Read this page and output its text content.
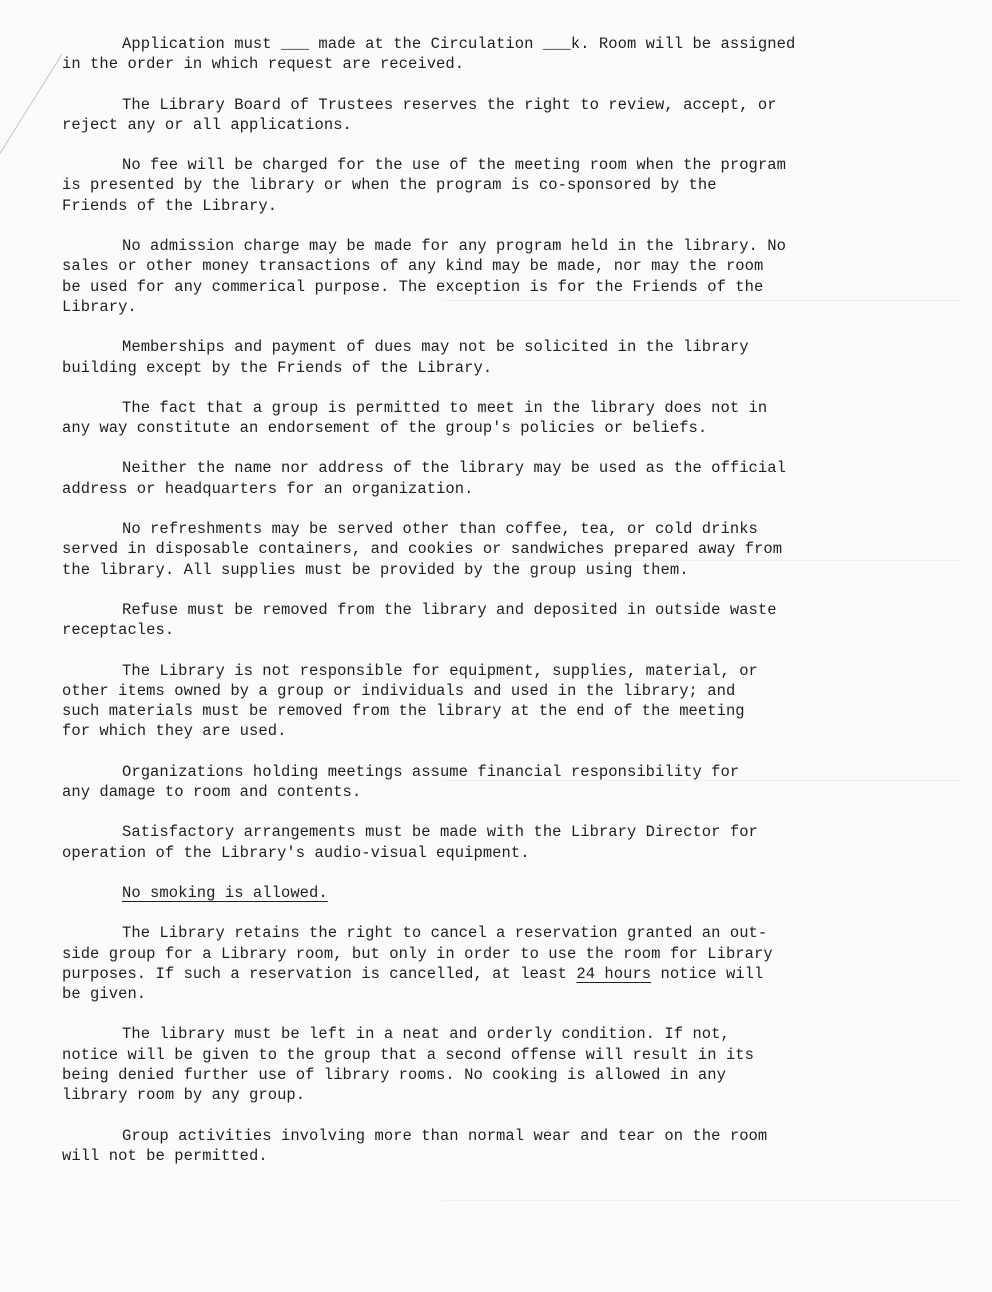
Application must ___ made at the Circulation ___k. Room will be assigned
in the order in which request are received.

The Library Board of Trustees reserves the right to review, accept, or
reject any or all applications.

No fee will be charged for the use of the meeting room when the program
is presented by the library or when the program is co-sponsored by the
Friends of the Library.

No admission charge may be made for any program held in the library. No
sales or other money transactions of any kind may be made, nor may the room
be used for any commerical purpose. The exception is for the Friends of the
Library.

Memberships and payment of dues may not be solicited in the library
building except by the Friends of the Library.

The fact that a group is permitted to meet in the library does not in
any way constitute an endorsement of the group's policies or beliefs.

Neither the name nor address of the library may be used as the official
address or headquarters for an organization.

No refreshments may be served other than coffee, tea, or cold drinks
served in disposable containers, and cookies or sandwiches prepared away from
the library. All supplies must be provided by the group using them.

Refuse must be removed from the library and deposited in outside waste
receptacles.

The Library is not responsible for equipment, supplies, material, or
other items owned by a group or individuals and used in the library; and
such materials must be removed from the library at the end of the meeting
for which they are used.

Organizations holding meetings assume financial responsibility for
any damage to room and contents.

Satisfactory arrangements must be made with the Library Director for
operation of the Library's audio-visual equipment.

No smoking is allowed.

The Library retains the right to cancel a reservation granted an out-
side group for a Library room, but only in order to use the room for Library
purposes. If such a reservation is cancelled, at least 24 hours notice will
be given.

The library must be left in a neat and orderly condition. If not,
notice will be given to the group that a second offense will result in its
being denied further use of library rooms. No cooking is allowed in any
library room by any group.

Group activities involving more than normal wear and tear on the room
will not be permitted.
